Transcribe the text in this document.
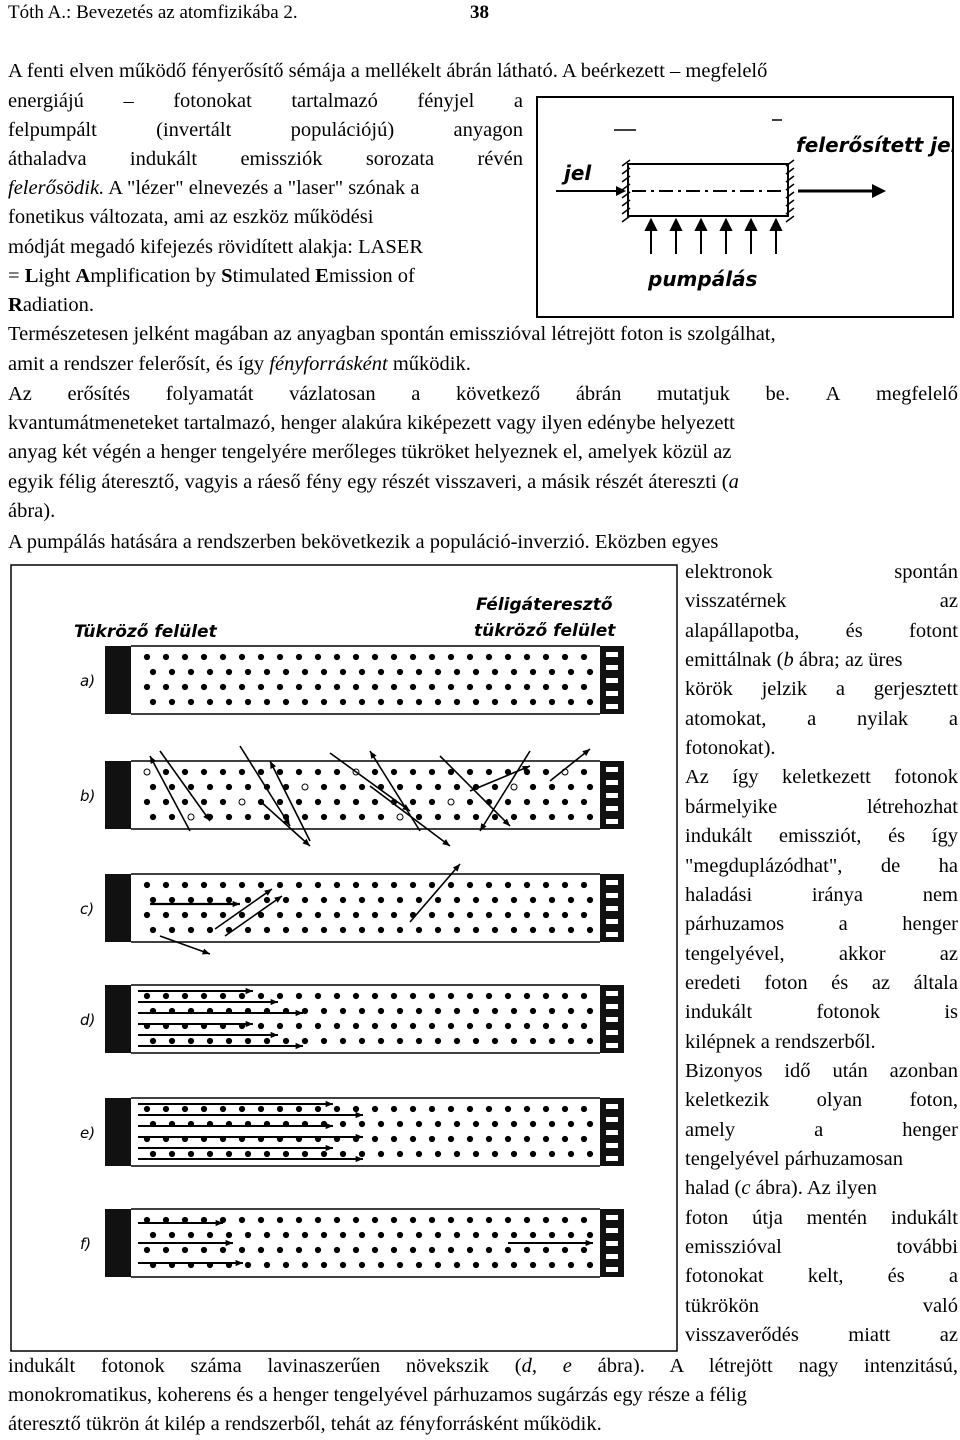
Tóth A.: Bevezetés az atomfizikába 2.	38
A fenti elven működő fényerősítő sémája a mellékelt ábrán látható. A beérkezett – megfelelő
energiájú – fotonokat tartalmazó fényjel a
felpumpált	(invertált	populációjú)	anyagon
áthaladva indukált emissziók sorozata révén
felerősödik. A "lézer" elnevezés a "laser" szónak a
fonetikus változata, ami az eszköz működési
módját megadó kifejezés rövidített alakja: LASER
= Light Amplification by Stimulated Emission of
Radiation.
jel
felerősített jel
pumpálás
Természetesen jelként magában az anyagban spontán emisszióval létrejött foton is szolgálhat,
amit a rendszer felerősít, és így fényforrásként működik.
Az erősítés folyamatát vázlatosan a következő ábrán mutatjuk be. A megfelelő
kvantumátmeneteket tartalmazó, henger alakúra kiképezett vagy ilyen edénybe helyezett
anyag két végén a henger tengelyére merőleges tükröket helyeznek el, amelyek közül az
egyik félig áteresztő, vagyis a ráeső fény egy részét visszaveri, a másik részét átereszti (a
ábra).
A pumpálás hatására a rendszerben bekövetkezik a populáció-inverzió. Eközben egyes
Tükröző felület
Féligáteresztő
tükröző felület
a)
b)
c)
d)
e)
f)
elektronok	spontán
visszatérnek	az
alapállapotba, és fotont
emittálnak (b ábra; az üres
körök jelzik a gerjesztett
atomokat, a nyilak a
fotonokat).
Az így keletkezett fotonok
bármelyike	létrehozhat
indukált emissziót, és így
"megduplázódhat", de ha
haladási	iránya	nem
párhuzamos	a	henger
tengelyével,	akkor	az
eredeti foton és az általa
indukált	fotonok	is
kilépnek a rendszerből.
Bizonyos idő után azonban
keletkezik olyan foton,
amely	a	henger
tengelyével párhuzamosan
halad (c ábra). Az ilyen
foton útja mentén indukált
emisszióval	további
fotonokat kelt, és a
tükrökön	való
visszaverődés miatt az
indukált fotonok száma lavinaszerűen növekszik (d, e ábra). A létrejött nagy intenzitású,
monokromatikus, koherens és a henger tengelyével párhuzamos sugárzás egy része a félig
áteresztő tükrön át kilép a rendszerből, tehát az fényforrásként működik.
